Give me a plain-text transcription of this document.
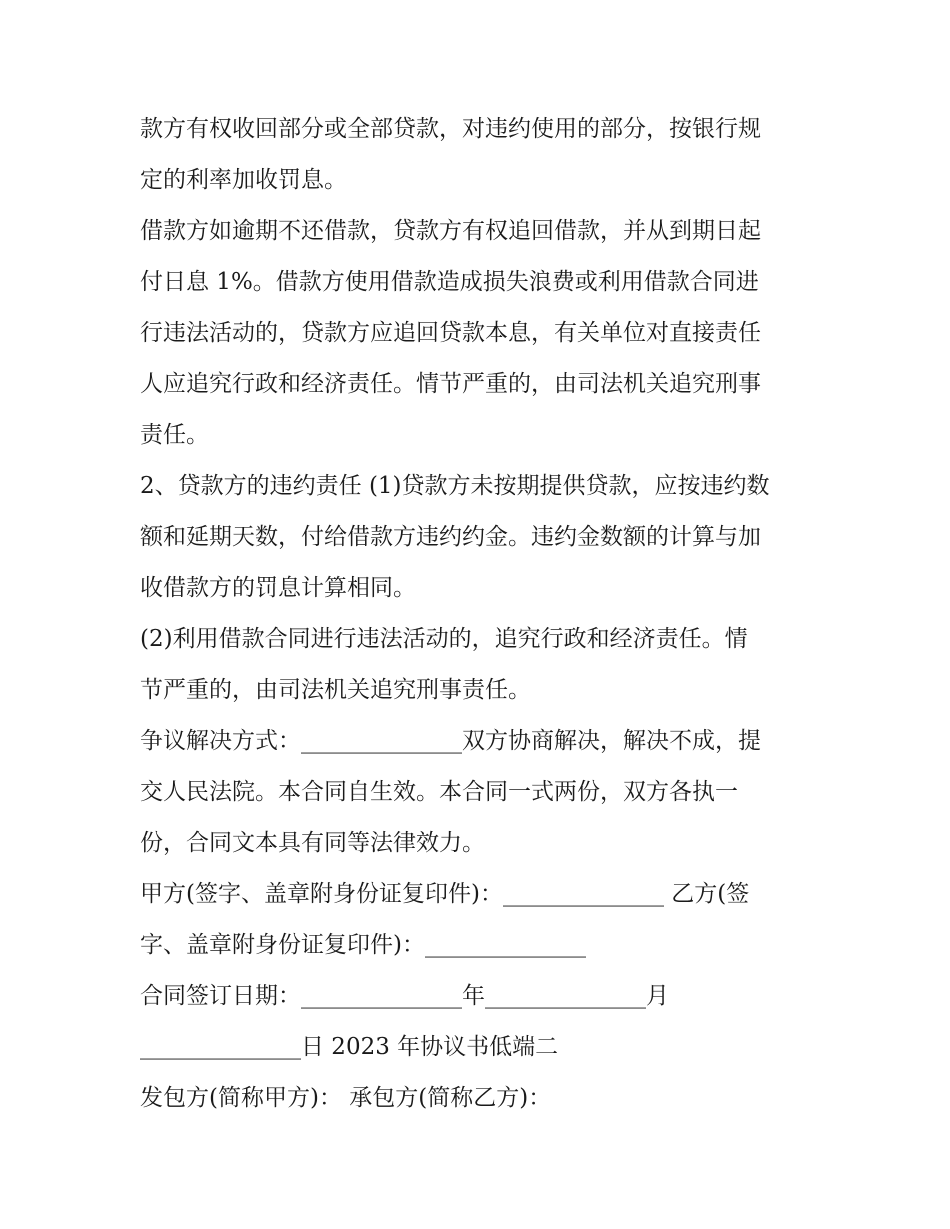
款方有权收回部分或全部贷款，对违约使用的部分，按银行规
定的利率加收罚息。
借款方如逾期不还借款，贷款方有权追回借款，并从到期日起
付日息 1%。借款方使用借款造成损失浪费或利用借款合同进
行违法活动的，贷款方应追回贷款本息，有关单位对直接责任
人应追究行政和经济责任。情节严重的，由司法机关追究刑事
责任。
2、贷款方的违约责任 (1)贷款方未按期提供贷款，应按违约数
额和延期天数，付给借款方违约约金。违约金数额的计算与加
收借款方的罚息计算相同。
(2)利用借款合同进行违法活动的，追究行政和经济责任。情
节严重的，由司法机关追究刑事责任。
争议解决方式：______________双方协商解决，解决不成，提
交人民法院。本合同自生效。本合同一式两份，双方各执一
份，合同文本具有同等法律效力。
甲方(签字、盖章附身份证复印件)：______________ 乙方(签
字、盖章附身份证复印件)：______________
合同签订日期：______________年______________月
______________日 2023 年协议书低端二
发包方(简称甲方)： 承包方(简称乙方)：
